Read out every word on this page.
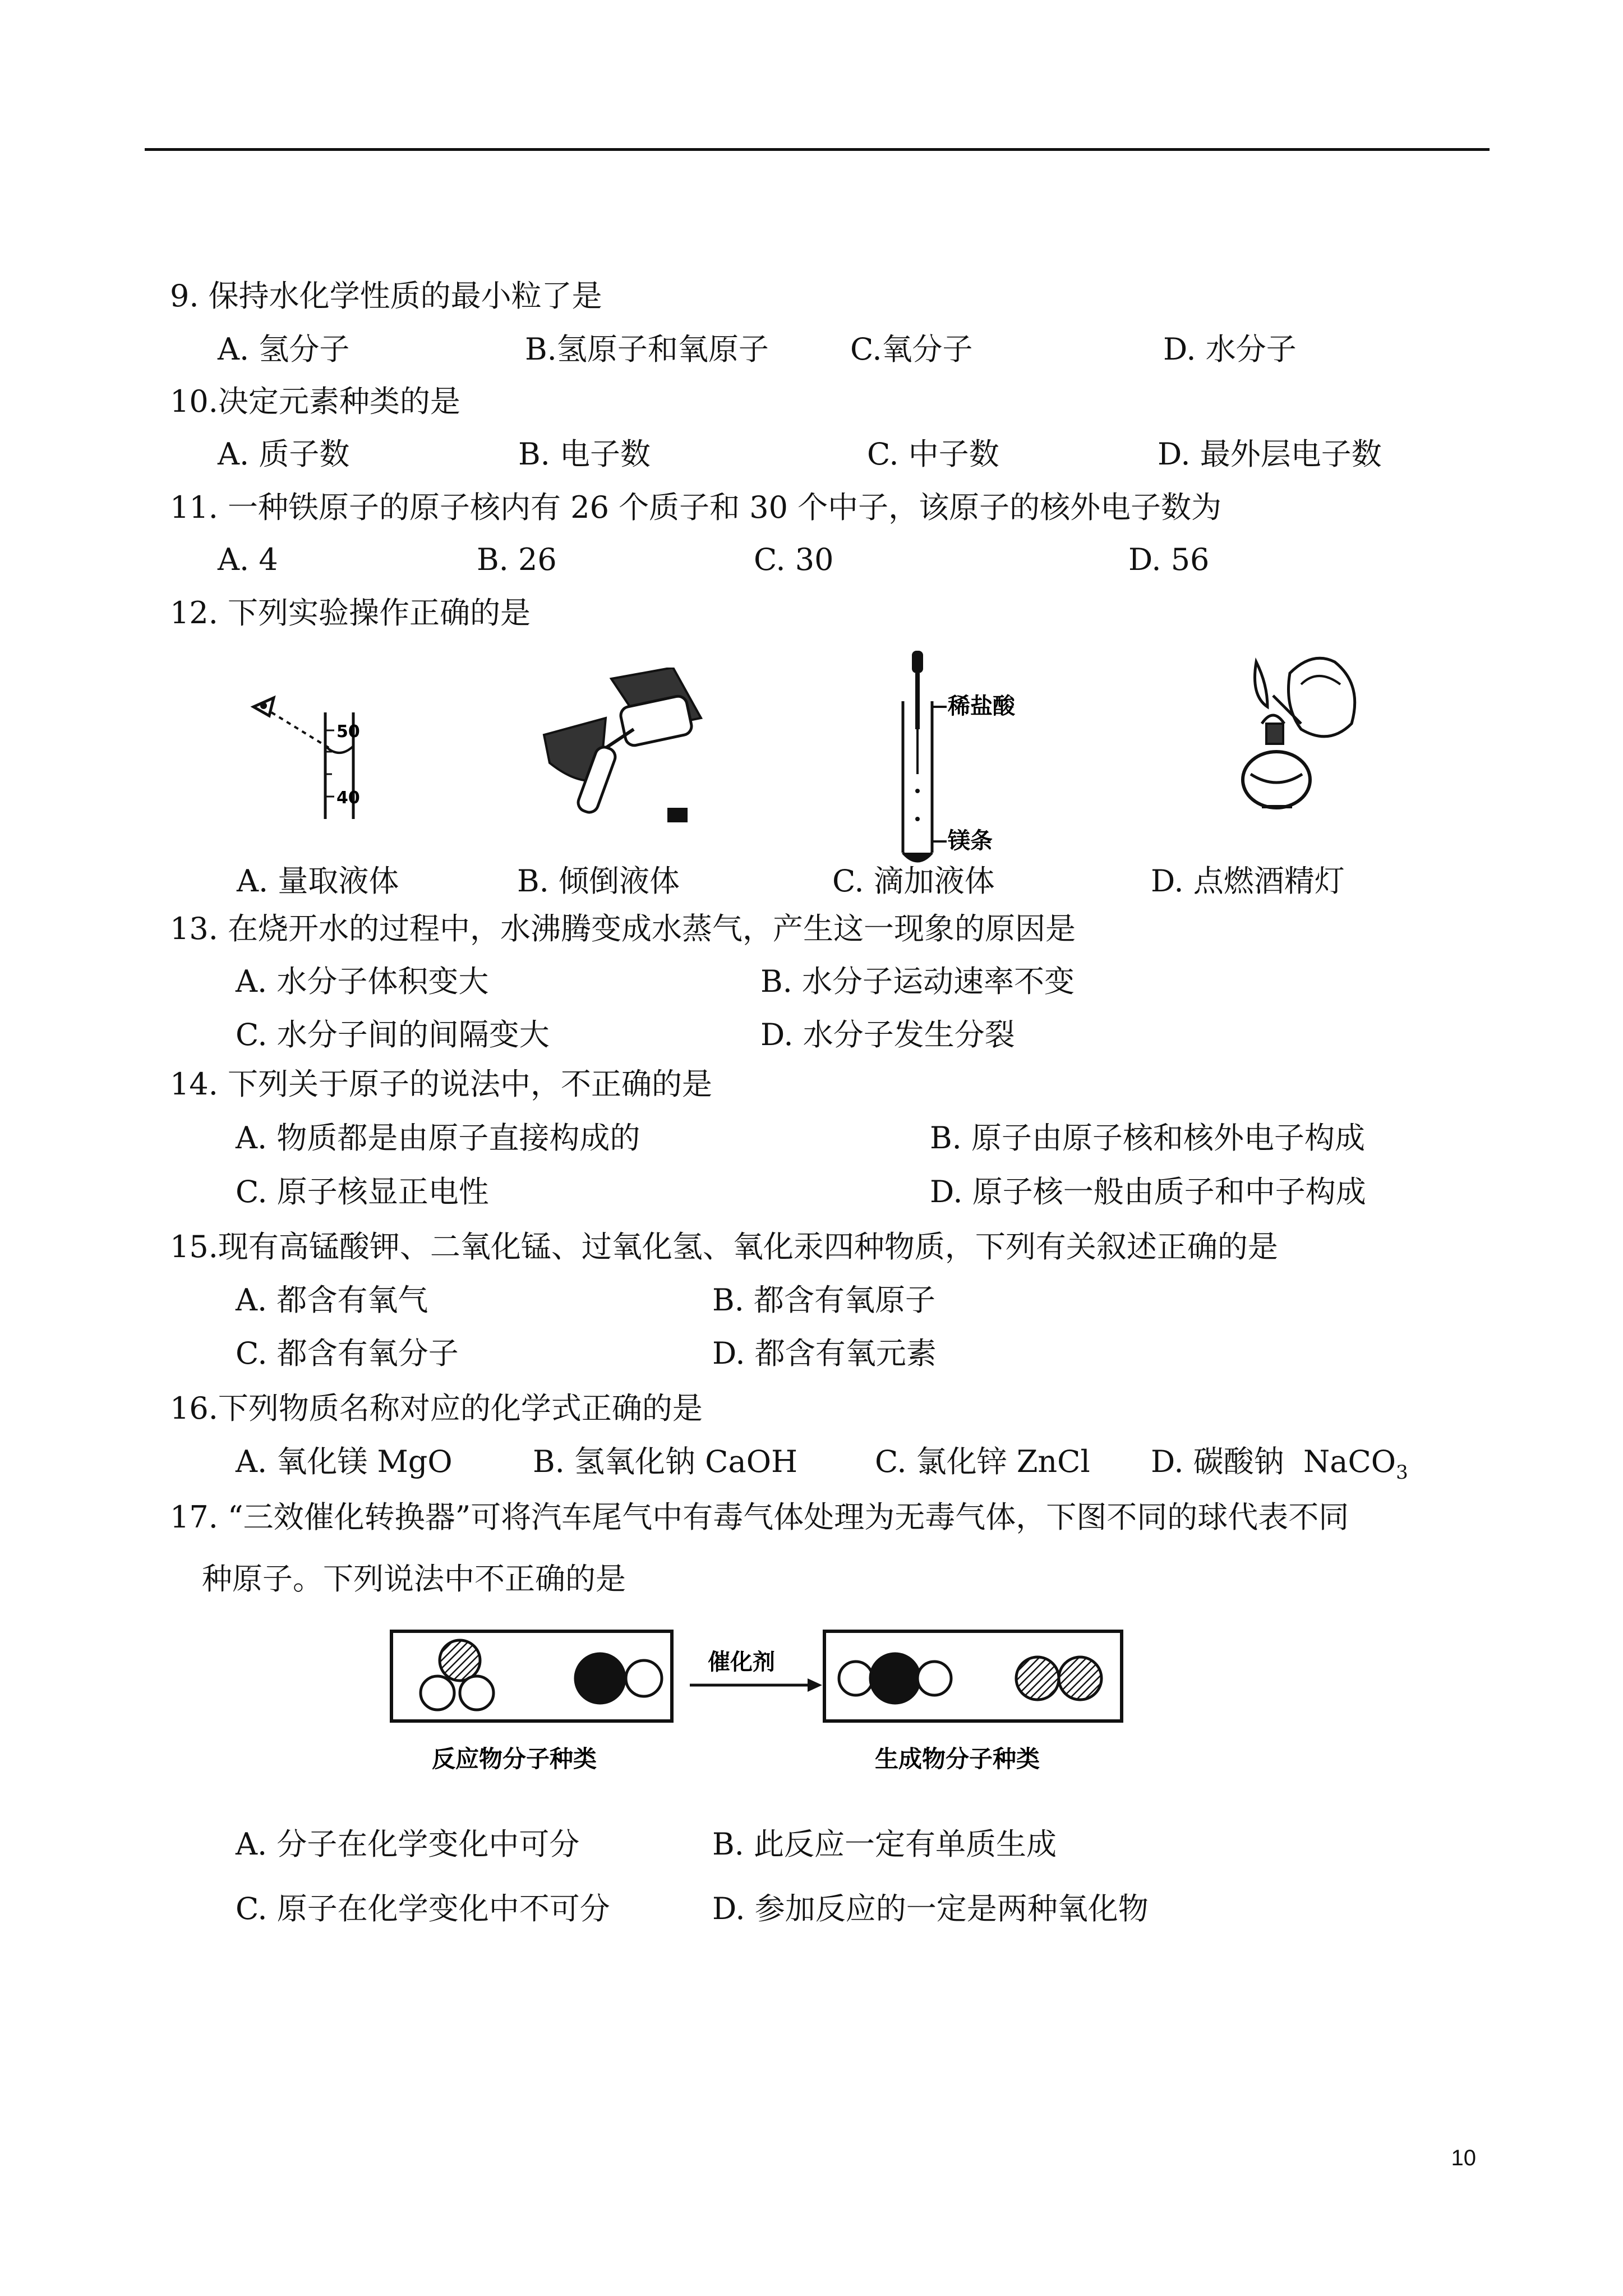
9. 保持水化学性质的最小粒了是
A. 氢分子	B.氢原子和氧原子	C.氧分子	D. 水分子
10.决定元素种类的是
A. 质子数	B. 电子数	C. 中子数	D. 最外层电子数
11. 一种铁原子的原子核内有 26 个质子和 30 个中子，该原子的核外电子数为
A. 4	B. 26	C. 30	D. 56
12. 下列实验操作正确的是
50
40
稀盐酸
镁条
A. 量取液体	B. 倾倒液体	C. 滴加液体	D. 点燃酒精灯
13. 在烧开水的过程中，水沸腾变成水蒸气，产生这一现象的原因是
A. 水分子体积变大	B. 水分子运动速率不变
C. 水分子间的间隔变大	D. 水分子发生分裂
14. 下列关于原子的说法中，不正确的是
A. 物质都是由原子直接构成的	B. 原子由原子核和核外电子构成
C. 原子核显正电性	D. 原子核一般由质子和中子构成
15.现有高锰酸钾、二氧化锰、过氧化氢、氧化汞四种物质，下列有关叙述正确的是
A. 都含有氧气	B. 都含有氧原子
C. 都含有氧分子	D. 都含有氧元素
16.下列物质名称对应的化学式正确的是
A. 氧化镁 MgO	B. 氢氧化钠 CaOH	C. 氯化锌 ZnCl D. 碳酸钠 NaCO$_3$
17. “三效催化转换器”可将汽车尾气中有毒气体处理为无毒气体，下图不同的球代表不同
种原子。下列说法中不正确的是
催化剂
反应物分子种类	生成物分子种类
A. 分子在化学变化中可分	B. 此反应一定有单质生成
C. 原子在化学变化中不可分	D. 参加反应的一定是两种氧化物
10
